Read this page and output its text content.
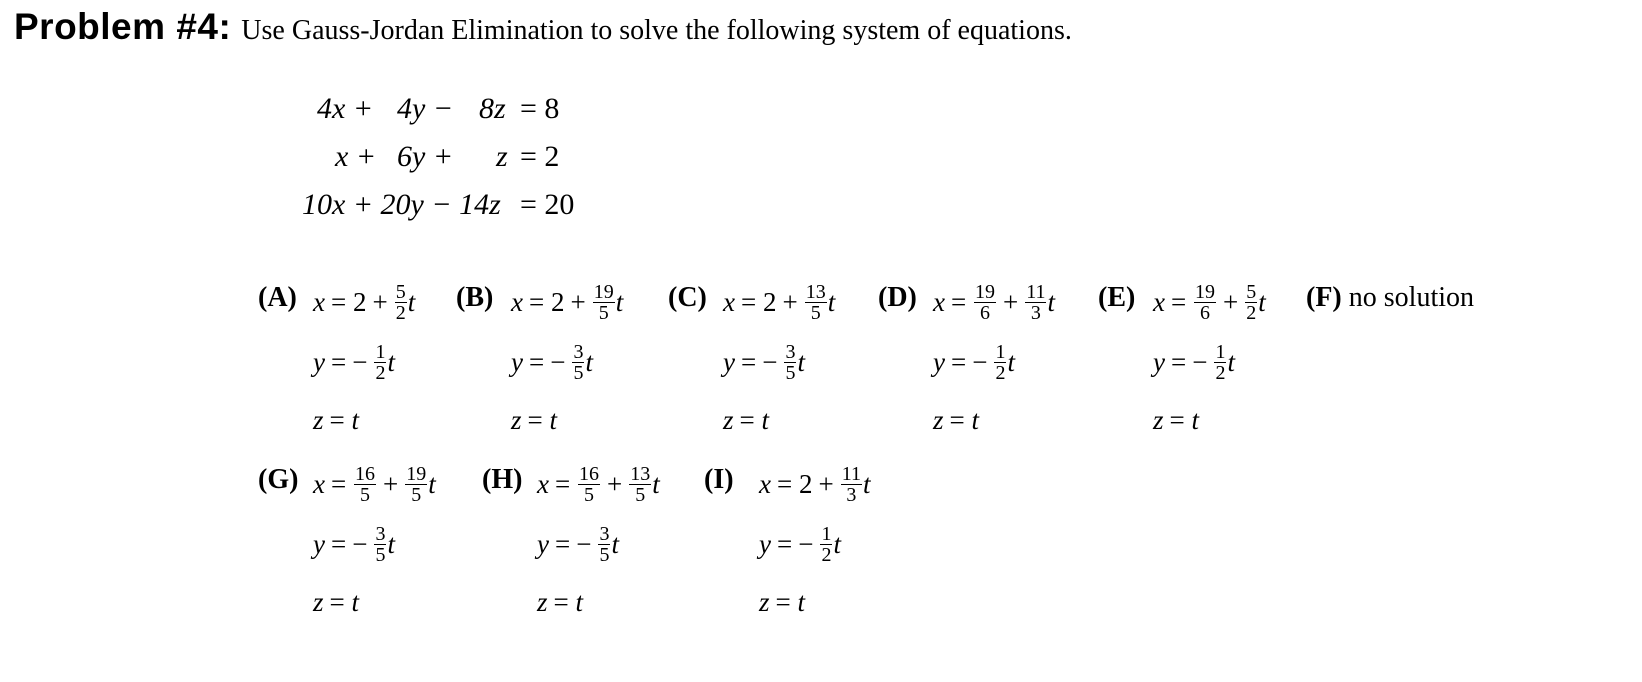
Problem #4: Use Gauss-Jordan Elimination to solve the following system of equations.
4x + 4y − 8z = 8
x + 6y + z = 2
10x + 20y − 14z = 20
(A) x =
$2 + \frac{5}{2}$ t
y = − $\frac{1}{2}$ t
z =
t
(B) x =
$2 + \frac{19}{5}$ t
y = − $\frac{3}{5}$ t
z =
t
(C) x =
$2 + \frac{13}{5}$ t
y = − $\frac{3}{5}$ t
z =
t
(D) x =
$\frac{19}{6} + \frac{11}{3}$ t
y = − $\frac{1}{2}$ t
z =
t
(E) x =
$\frac{19}{6} + \frac{5}{2}$ t
y = − $\frac{1}{2}$ t
z =
t
(F) no solution
(G) x =
$\frac{16}{5} + \frac{19}{5}$ t
y = − $\frac{3}{5}$ t
z =
t
(H) x =
$\frac{16}{5} + \frac{13}{5}$ t
y = − $\frac{3}{5}$ t
z =
t
(I) x =
$2 + \frac{11}{3}$ t
y = − $\frac{1}{2}$ t
z =
t
